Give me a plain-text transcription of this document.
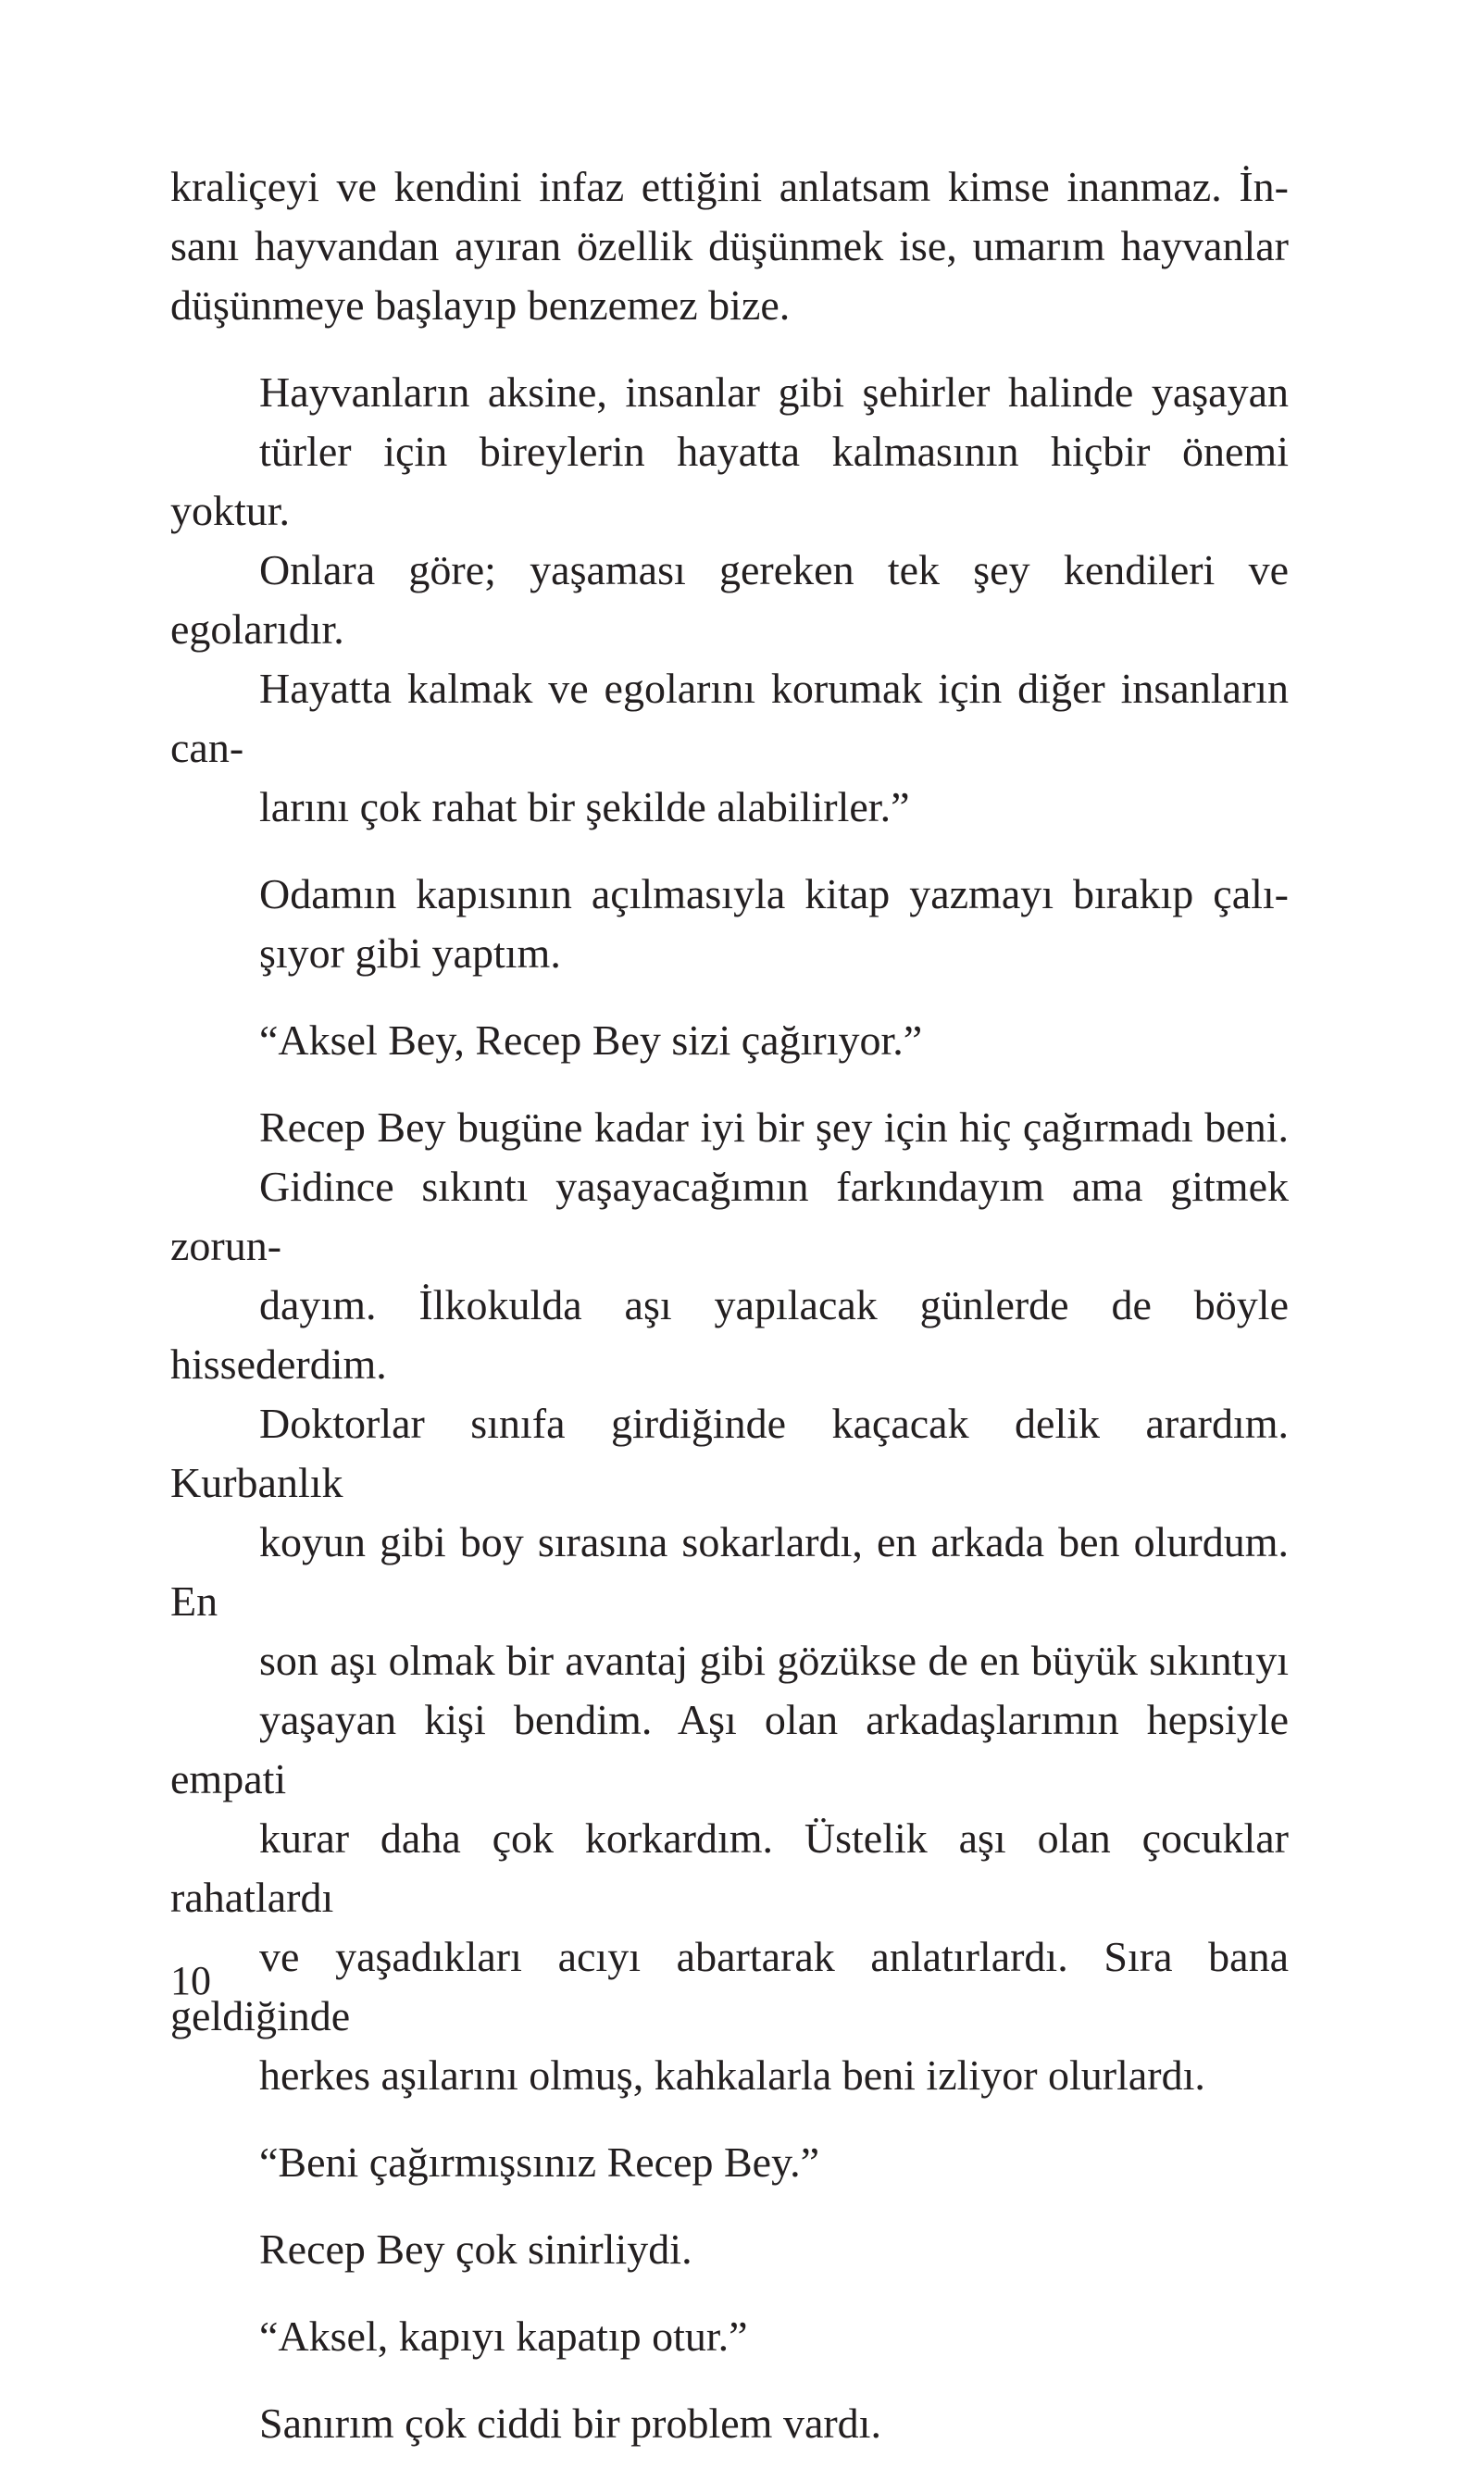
kraliçeyi ve kendini infaz ettiğini anlatsam kimse inanmaz. İn-
sanı hayvandan ayıran özellik düşünmek ise, umarım hayvanlar
düşünmeye başlayıp benzemez bize.

Hayvanların aksine, insanlar gibi şehirler halinde yaşayan
türler için bireylerin hayatta kalmasının hiçbir önemi yoktur.
Onlara göre; yaşaması gereken tek şey kendileri ve egolarıdır.
Hayatta kalmak ve egolarını korumak için diğer insanların can-
larını çok rahat bir şekilde alabilirler.”

Odamın kapısının açılmasıyla kitap yazmayı bırakıp çalı-
şıyor gibi yaptım.

“Aksel Bey, Recep Bey sizi çağırıyor.”

Recep Bey bugüne kadar iyi bir şey için hiç çağırmadı beni.
Gidince sıkıntı yaşayacağımın farkındayım ama gitmek zorun-
dayım. İlkokulda aşı yapılacak günlerde de böyle hissederdim.
Doktorlar sınıfa girdiğinde kaçacak delik arardım. Kurbanlık
koyun gibi boy sırasına sokarlardı, en arkada ben olurdum. En
son aşı olmak bir avantaj gibi gözükse de en büyük sıkıntıyı
yaşayan kişi bendim. Aşı olan arkadaşlarımın hepsiyle empati
kurar daha çok korkardım. Üstelik aşı olan çocuklar rahatlardı
ve yaşadıkları acıyı abartarak anlatırlardı. Sıra bana geldiğinde
herkes aşılarını olmuş, kahkalarla beni izliyor olurlardı.

“Beni çağırmışsınız Recep Bey.”

Recep Bey çok sinirliydi.

“Aksel, kapıyı kapatıp otur.”

Sanırım çok ciddi bir problem vardı.

10
